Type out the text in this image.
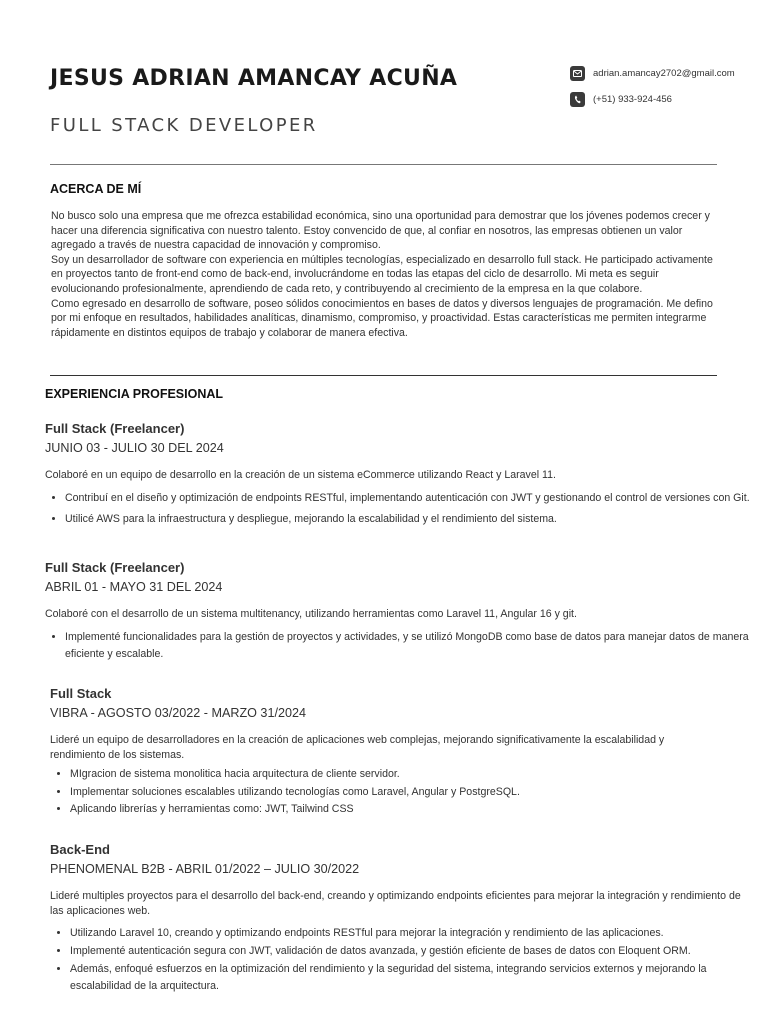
JESUS ADRIAN AMANCAY ACUÑA
FULL STACK DEVELOPER
adrian.amancay2702@gmail.com
(+51) 933-924-456
ACERCA DE MÍ

No busco solo una empresa que me ofrezca estabilidad económica, sino una oportunidad para demostrar que los jóvenes podemos crecer y hacer una diferencia significativa con nuestro talento. Estoy convencido de que, al confiar en nosotros, las empresas obtienen un valor agregado a través de nuestra capacidad de innovación y compromiso.

Soy un desarrollador de software con experiencia en múltiples tecnologías, especializado en desarrollo full stack. He participado activamente en proyectos tanto de front-end como de back-end, involucrándome en todas las etapas del ciclo de desarrollo. Mi meta es seguir evolucionando profesionalmente, aprendiendo de cada reto, y contribuyendo al crecimiento de la empresa en la que colabore.

Como egresado en desarrollo de software, poseo sólidos conocimientos en bases de datos y diversos lenguajes de programación. Me defino por mi enfoque en resultados, habilidades analíticas, dinamismo, compromiso, y proactividad. Estas características me permiten integrarme rápidamente en distintos equipos de trabajo y colaborar de manera efectiva.

EXPERIENCIA PROFESIONAL
Full Stack (Freelancer)

JUNIO 03 - JULIO 30 DEL 2024

Colaboré en un equipo de desarrollo en la creación de un sistema eCommerce utilizando React y Laravel 11.

• Contribuí en el diseño y optimización de endpoints RESTful, implementando autenticación con JWT y gestionando el control de versiones con Git.
• Utilicé AWS para la infraestructura y despliegue, mejorando la escalabilidad y el rendimiento del sistema.
Full Stack (Freelancer)

ABRIL 01 - MAYO 31 DEL 2024

Colaboré con el desarrollo de un sistema multitenancy, utilizando herramientas como Laravel 11, Angular 16 y git.

• Implementé funcionalidades para la gestión de proyectos y actividades, y se utilizó MongoDB como base de datos para manejar datos de manera eficiente y escalable.
Full Stack

VIBRA - AGOSTO 03/2022 - MARZO 31/2024

Lideré un equipo de desarrolladores en la creación de aplicaciones web complejas, mejorando significativamente la escalabilidad y rendimiento de los sistemas.

• MIgracion de sistema monolitica hacia arquitectura de cliente servidor.
• Implementar soluciones escalables utilizando tecnologías como Laravel, Angular y PostgreSQL.
• Aplicando librerías y herramientas como: JWT, Tailwind CSS
Back-End

PHENOMENAL B2B - ABRIL 01/2022 – JULIO 30/2022

Lideré multiples proyectos para el desarrollo del back-end, creando y optimizando endpoints eficientes para mejorar la integración y rendimiento de las aplicaciones web.

• Utilizando Laravel 10, creando y optimizando endpoints RESTful para mejorar la integración y rendimiento de las aplicaciones.
• Implementé autenticación segura con JWT, validación de datos avanzada, y gestión eficiente de bases de datos con Eloquent ORM.
• Además, enfoqué esfuerzos en la optimización del rendimiento y la seguridad del sistema, integrando servicios externos y mejorando la escalabilidad de la arquitectura.
